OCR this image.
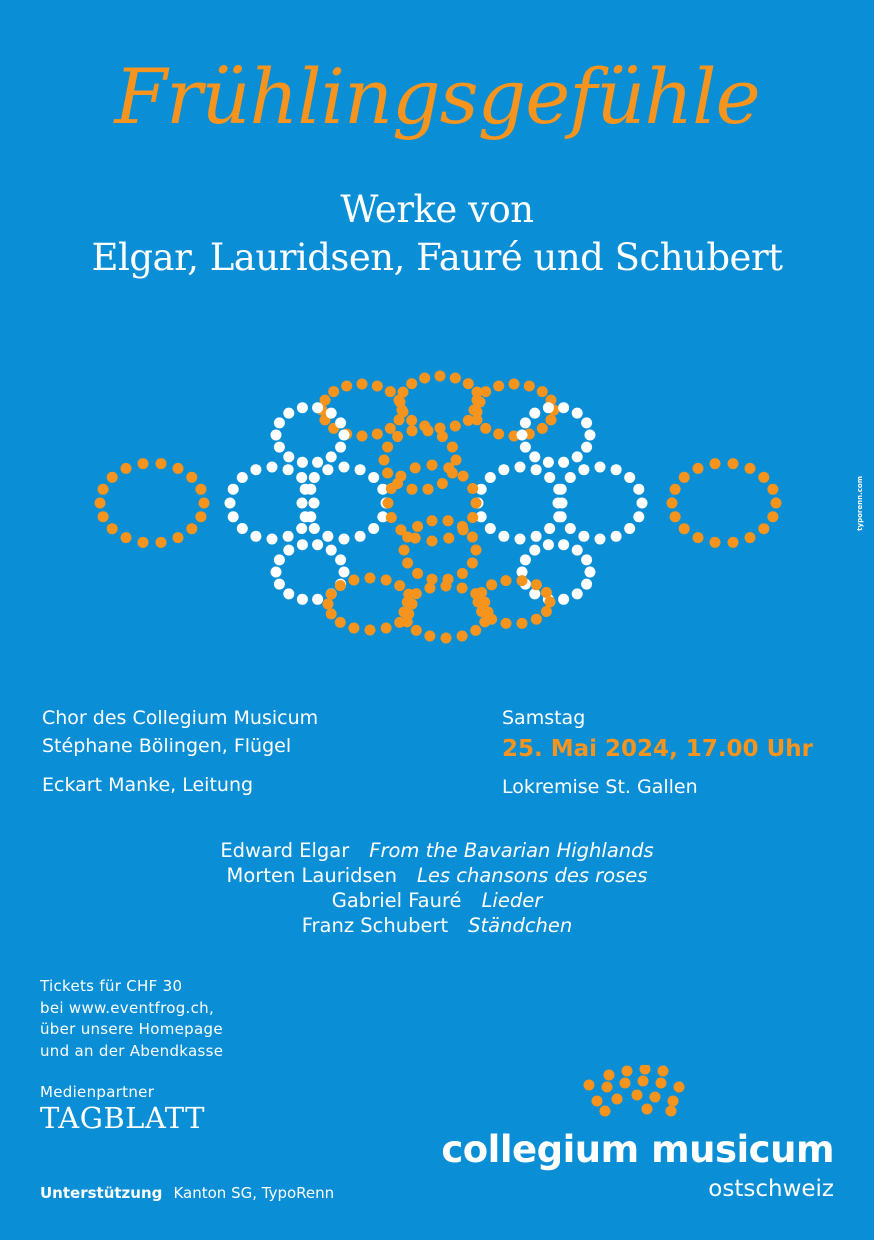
Frühlingsgefühle
Werke von
Elgar, Lauridsen, Fauré und Schubert
typorenn.com
Chor des Collegium Musicum
Stéphane Bölingen, Flügel
Eckart Manke, Leitung
Samstag
25. Mai 2024, 17.00 Uhr
Lokremise St. Gallen
Edward Elgar From the Bavarian Highlands
Morten Lauridsen Les chansons des roses
Gabriel Fauré Lieder
Franz Schubert Ständchen
Tickets für CHF 30
bei www.eventfrog.ch,
über unsere Homepage
und an der Abendkasse
Medienpartner
TAGBLATT
Unterstützung Kanton SG, TypoRenn
collegium musicum
ostschweiz
